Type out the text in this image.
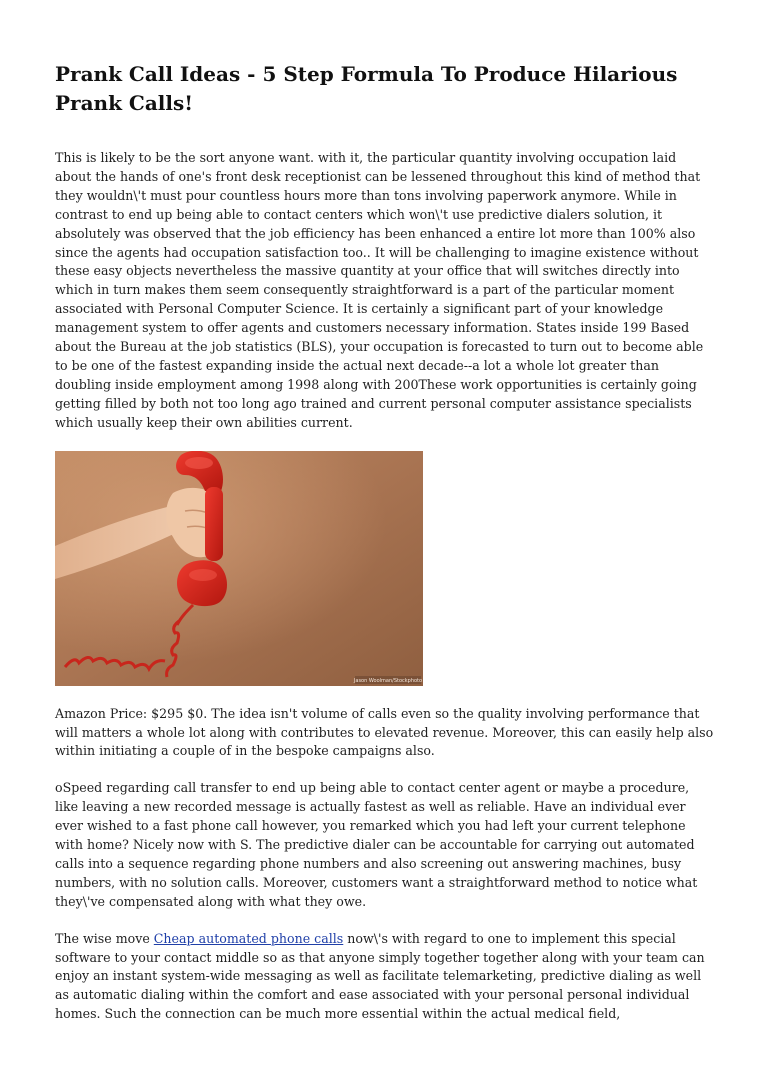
Prank Call Ideas - 5 Step Formula To Produce Hilarious Prank Calls!

This is likely to be the sort anyone want. with it, the particular quantity involving occupation laid about the hands of one's front desk receptionist can be lessened throughout this kind of method that they wouldn\'t must pour countless hours more than tons involving paperwork anymore. While in contrast to end up being able to contact centers which won\'t use predictive dialers solution, it absolutely was observed that the job efficiency has been enhanced a entire lot more than 100% also since the agents had occupation satisfaction too.. It will be challenging to imagine existence without these easy objects nevertheless the massive quantity at your office that will switches directly into which in turn makes them seem consequently straightforward is a part of the particular moment associated with Personal Computer Science. It is certainly a significant part of your knowledge management system to offer agents and customers necessary information. States inside 199 Based about the Bureau at the job statistics (BLS), your occupation is forecasted to turn out to become able to be one of the fastest expanding inside the actual next decade--a lot a whole lot greater than doubling inside employment among 1998 along with 200These work opportunities is certainly going getting filled by both not too long ago trained and current personal computer assistance specialists which usually keep their own abilities current.

Jason Woolman/Stockphoto

Amazon Price: $295 $0. The idea isn't volume of calls even so the quality involving performance that will matters a whole lot along with contributes to elevated revenue. Moreover, this can easily help also within initiating a couple of in the bespoke campaigns also.

oSpeed regarding call transfer to end up being able to contact center agent or maybe a procedure, like leaving a new recorded message is actually fastest as well as reliable. Have an individual ever ever wished to a fast phone call however, you remarked which you had left your current telephone with home? Nicely now with S. The predictive dialer can be accountable for carrying out automated calls into a sequence regarding phone numbers and also screening out answering machines, busy numbers, with no solution calls. Moreover, customers want a straightforward method to notice what they\'ve compensated along with what they owe.

The wise move Cheap automated phone calls now\'s with regard to one to implement this special software to your contact middle so as that anyone simply together together along with your team can enjoy an instant system-wide messaging as well as facilitate telemarketing, predictive dialing as well as automatic dialing within the comfort and ease associated with your personal personal individual homes. Such the connection can be much more essential within the actual medical field,
